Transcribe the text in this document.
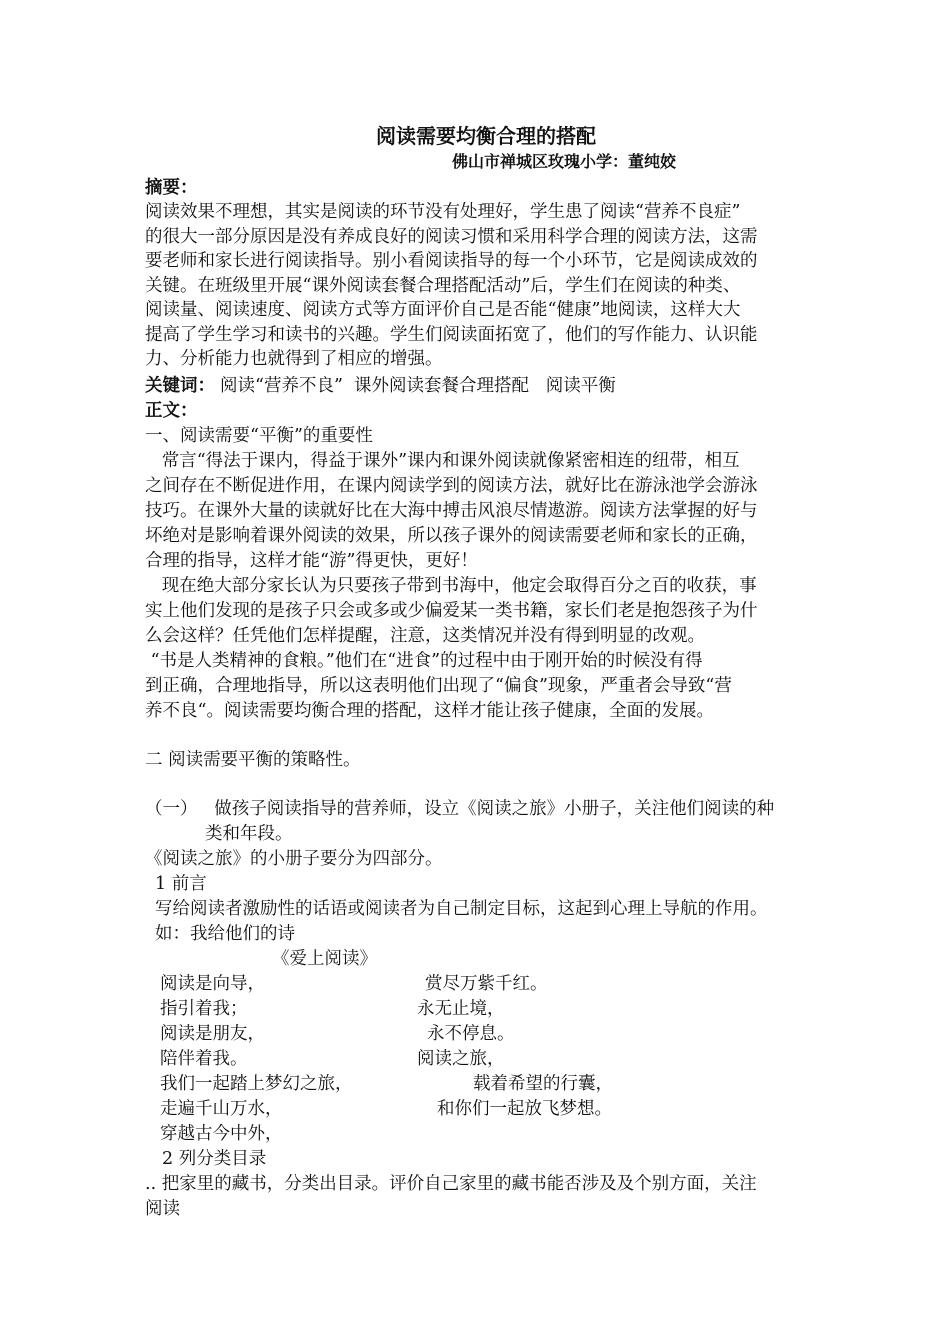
阅读需要均衡合理的搭配
佛山市禅城区玫瑰小学：董纯姣
摘要：
阅读效果不理想，其实是阅读的环节没有处理好，学生患了阅读“营养不良症”
的很大一部分原因是没有养成良好的阅读习惯和采用科学合理的阅读方法，这需
要老师和家长进行阅读指导。别小看阅读指导的每一个小环节，它是阅读成效的
关键。在班级里开展“课外阅读套餐合理搭配活动”后，学生们在阅读的种类、
阅读量、阅读速度、阅读方式等方面评价自己是否能“健康”地阅读，这样大大
提高了学生学习和读书的兴趣。学生们阅读面拓宽了，他们的写作能力、认识能
力、分析能力也就得到了相应的增强。
关键词： 阅读“营养不良”  课外阅读套餐合理搭配   阅读平衡
正文：
一、阅读需要“平衡”的重要性
常言“得法于课内，得益于课外”课内和课外阅读就像紧密相连的纽带，相互
之间存在不断促进作用，在课内阅读学到的阅读方法，就好比在游泳池学会游泳
技巧。在课外大量的读就好比在大海中搏击风浪尽情遨游。阅读方法掌握的好与
坏绝对是影响着课外阅读的效果，所以孩子课外的阅读需要老师和家长的正确，
合理的指导，这样才能“游”得更快，更好！
现在绝大部分家长认为只要孩子带到书海中，他定会取得百分之百的收获，事
实上他们发现的是孩子只会或多或少偏爱某一类书籍，家长们老是抱怨孩子为什
么会这样？任凭他们怎样提醒，注意，这类情况并没有得到明显的改观。
“书是人类精神的食粮。”他们在“进食”的过程中由于刚开始的时候没有得
到正确，合理地指导，所以这表明他们出现了“偏食”现象，严重者会导致“营
养不良“。阅读需要均衡合理的搭配，这样才能让孩子健康，全面的发展。
二 阅读需要平衡的策略性。
（一）   做孩子阅读指导的营养师，设立《阅读之旅》小册子，关注他们阅读的种
类和年段。
《阅读之旅》的小册子要分为四部分。
1 前言
写给阅读者激励性的话语或阅读者为自己制定目标，这起到心理上导航的作用。
如：我给他们的诗
《爱上阅读》
阅读是向导，
指引着我；
阅读是朋友，
陪伴着我。
我们一起踏上梦幻之旅，
走遍千山万水，
穿越古今中外，
赏尽万紫千红。
永无止境，
永不停息。
阅读之旅，
载着希望的行囊，
和你们一起放飞梦想。
2 列分类目录
.. 把家里的藏书，分类出目录。评价自己家里的藏书能否涉及及个别方面，关注
阅读
